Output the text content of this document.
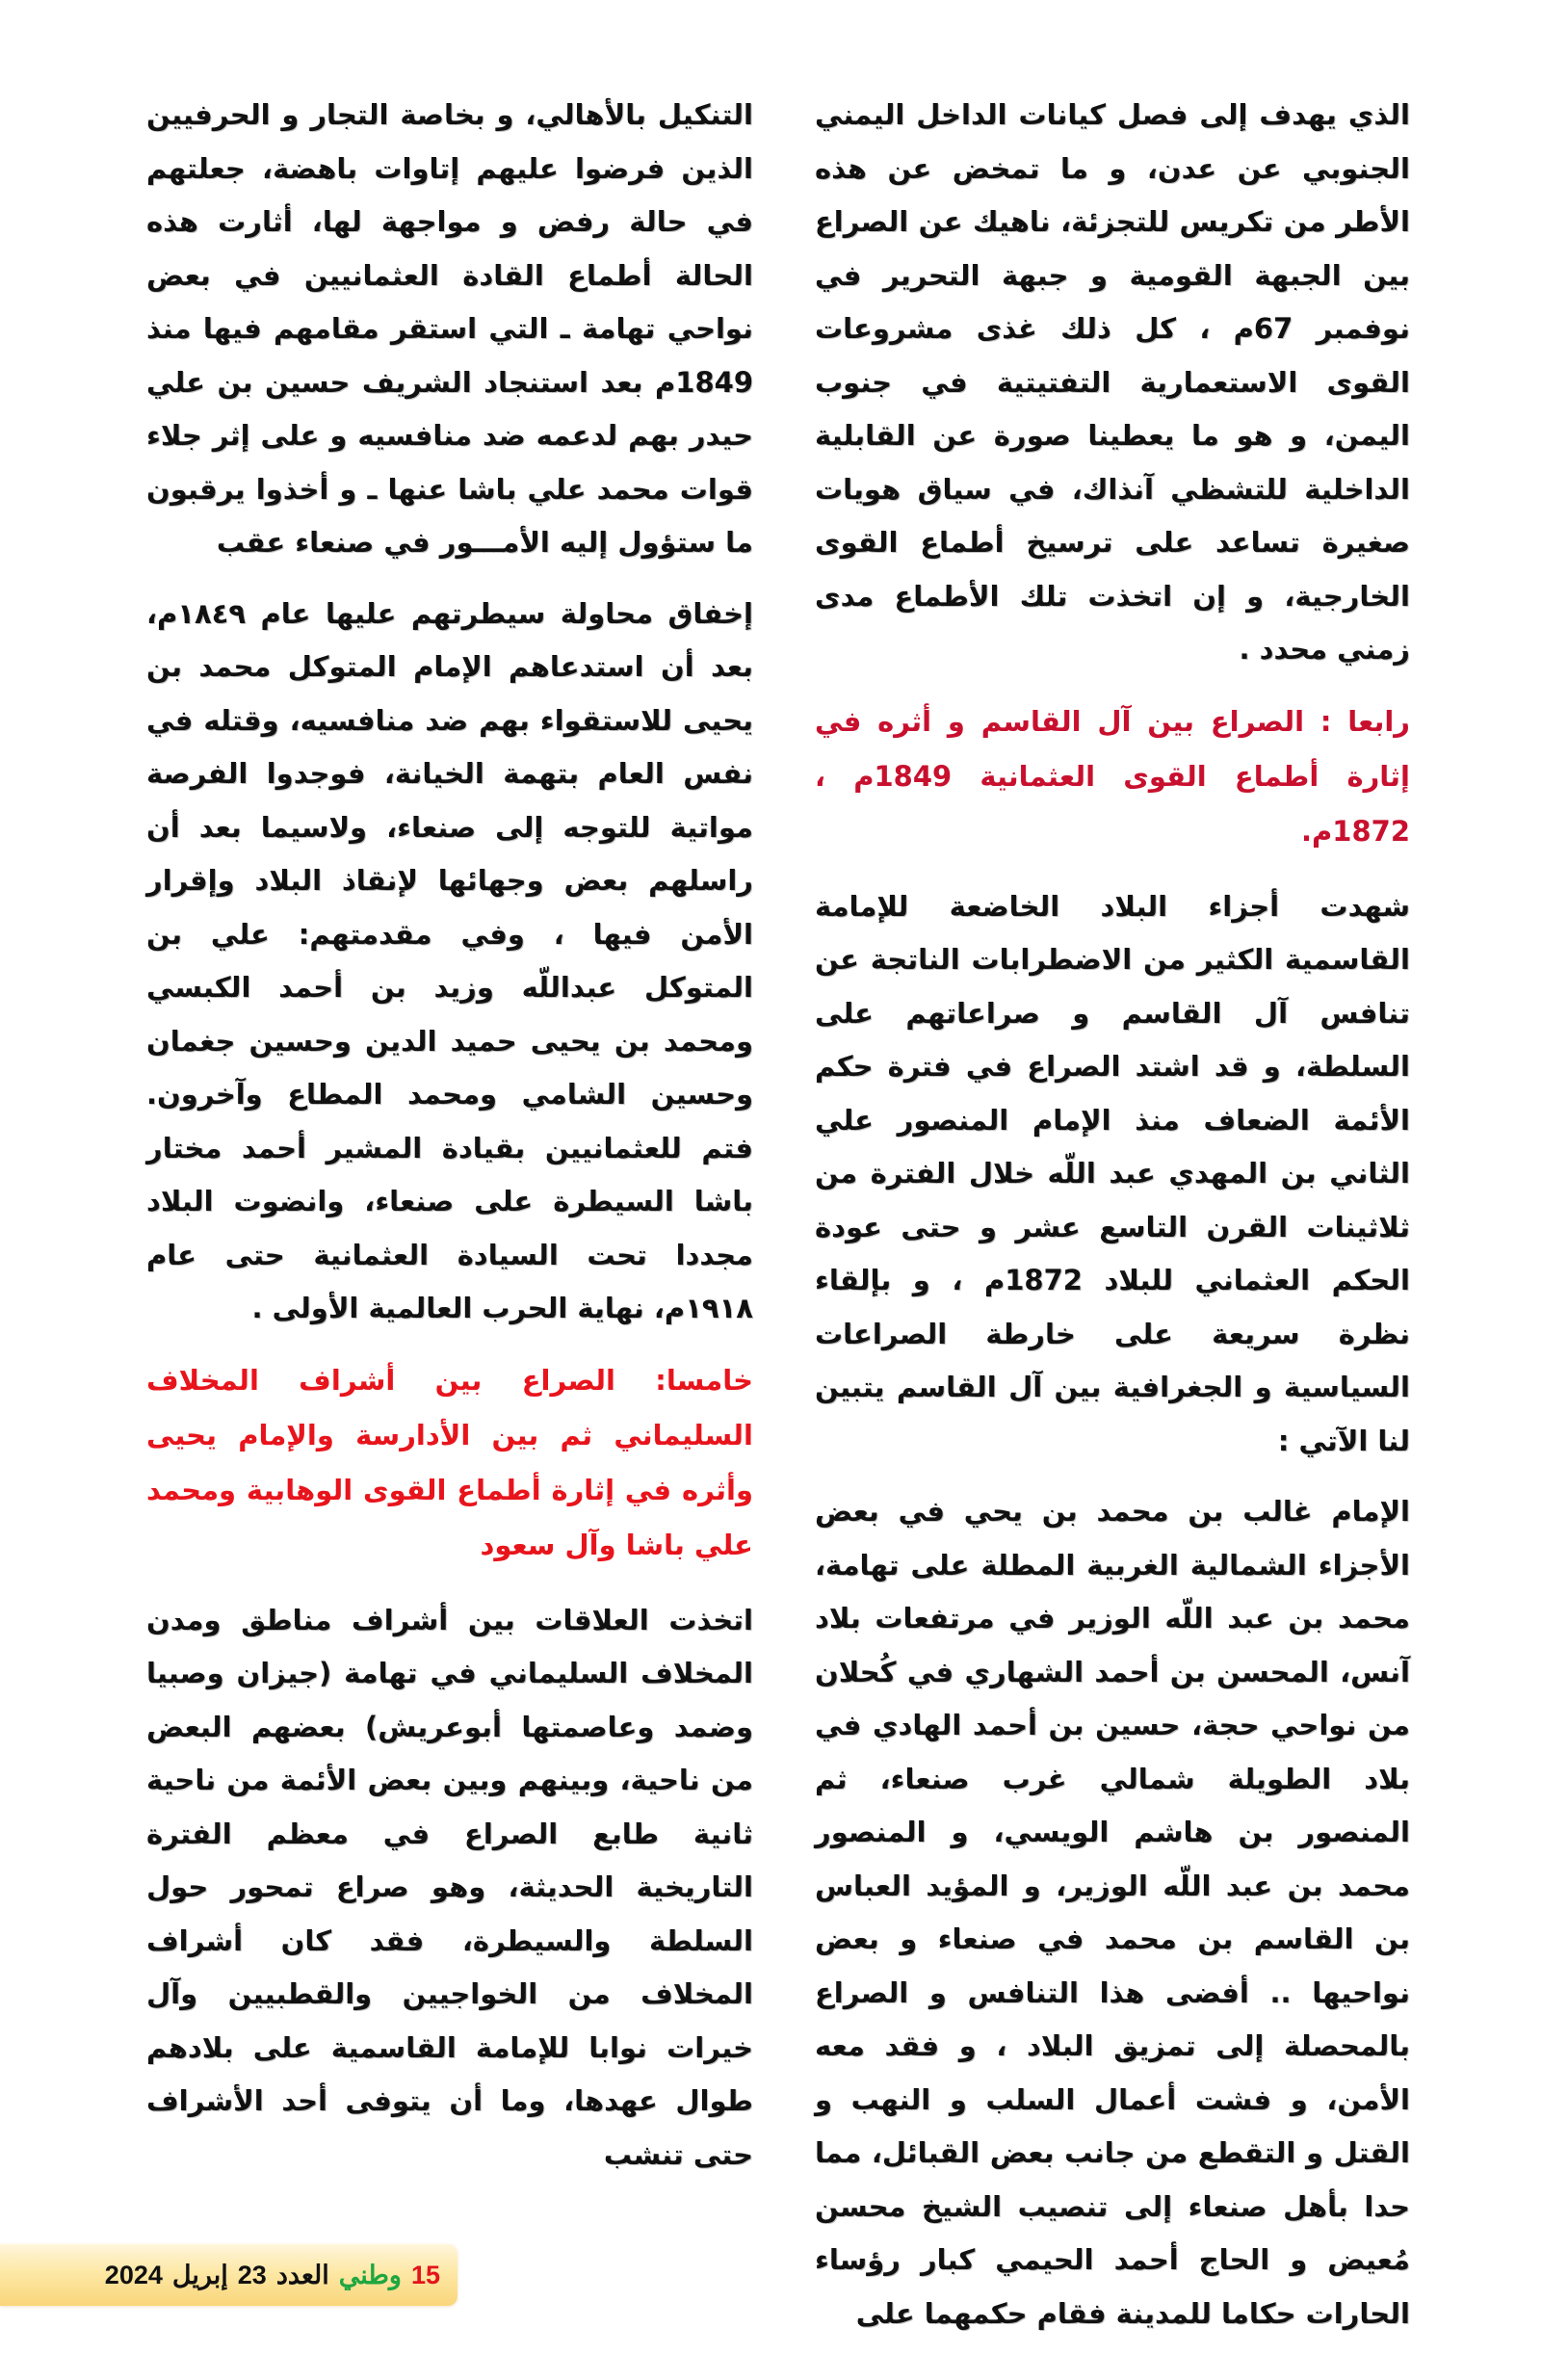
الذي يهدف إلى فصل كيانات الداخل اليمني الجنوبي عن عدن، و ما تمخض عن هذه الأطر من تكريس للتجزئة، ناهيك عن الصراع بين الجبهة القومية و جبهة التحرير في نوفمبر 67م ، كل ذلك غذى مشروعات القوى الاستعمارية التفتيتية في جنوب اليمن، و هو ما يعطينا صورة عن القابلية الداخلية للتشظي آنذاك، في سياق هويات صغيرة تساعد على ترسيخ أطماع القوى الخارجية، و إن اتخذت تلك الأطماع مدى زمني محدد .

رابعا : الصراع بين آل القاسم و أثره في إثارة أطماع القوى العثمانية 1849م ، 1872م.

شهدت أجزاء البلاد الخاضعة للإمامة القاسمية الكثير من الاضطرابات الناتجة عن تنافس آل القاسم و صراعاتهم على السلطة، و قد اشتد الصراع في فترة حكم الأئمة الضعاف منذ الإمام المنصور علي الثاني بن المهدي عبد اللّه خلال الفترة من ثلاثينات القرن التاسع عشر و حتى عودة الحكم العثماني للبلاد 1872م ، و بإلقاء نظرة سريعة على خارطة الصراعات السياسية و الجغرافية بين آل القاسم يتبين لنا الآتي :

الإمام غالب بن محمد بن يحي في بعض الأجزاء الشمالية الغربية المطلة على تهامة، محمد بن عبد اللّه الوزير في مرتفعات بلاد آنس، المحسن بن أحمد الشهاري في كُحلان من نواحي حجة، حسين بن أحمد الهادي في بلاد الطويلة شمالي غرب صنعاء، ثم المنصور بن هاشم الويسي، و المنصور محمد بن عبد اللّه الوزير، و المؤيد العباس بن القاسم بن محمد في صنعاء و بعض نواحيها .. أفضى هذا التنافس و الصراع بالمحصلة إلى تمزيق البلاد ، و فقد معه الأمن، و فشت أعمال السلب و النهب و القتل و التقطع من جانب بعض القبائل، مما حدا بأهل صنعاء إلى تنصيب الشيخ محسن مُعيض و الحاج أحمد الحيمي كبار رؤساء الحارات حكاما للمدينة فقام حكمهما على

التنكيل بالأهالي، و بخاصة التجار و الحرفيين الذين فرضوا عليهم إتاوات باهضة، جعلتهم في حالة رفض و مواجهة لها، أثارت هذه الحالة أطماع القادة العثمانيين في بعض نواحي تهامة ـ التي استقر مقامهم فيها منذ 1849م بعد استنجاد الشريف حسين بن علي حيدر بهم لدعمه ضد منافسيه و على إثر جلاء قوات محمد علي باشا عنها ـ و أخذوا يرقبون ما ستؤول إليه الأمـــور في صنعاء عقب

إخفاق محاولة سيطرتهم عليها عام ١٨٤٩م، بعد أن استدعاهم الإمام المتوكل محمد بن يحيى للاستقواء بهم ضد منافسيه، وقتله في نفس العام بتهمة الخيانة، فوجدوا الفرصة مواتية للتوجه إلى صنعاء، ولاسيما بعد أن راسلهم بعض وجهائها لإنقاذ البلاد وإقرار الأمن فيها ، وفي مقدمتهم: علي بن المتوكل عبداللّه وزيد بن أحمد الكبسي ومحمد بن يحيى حميد الدين وحسين جغمان وحسين الشامي ومحمد المطاع وآخرون. فتم للعثمانيين بقيادة المشير أحمد مختار باشا السيطرة على صنعاء، وانضوت البلاد مجددا تحت السيادة العثمانية حتى عام ١٩١٨م، نهاية الحرب العالمية الأولى .

خامسا: الصراع بين أشراف المخلاف السليماني ثم بين الأدارسة والإمام يحيى وأثره في إثارة أطماع القوى الوهابية ومحمد علي باشا وآل سعود

اتخذت العلاقات بين أشراف مناطق ومدن المخلاف السليماني في تهامة (جيزان وصبيا وضمد وعاصمتها أبوعريش) بعضهم البعض من ناحية، وبينهم وبين بعض الأئمة من ناحية ثانية طابع الصراع في معظم الفترة التاريخية الحديثة، وهو صراع تمحور حول السلطة والسيطرة، فقد كان أشراف المخلاف من الخواجيين والقطبيين وآل خيرات نوابا للإمامة القاسمية على بلادهم طوال عهدها، وما أن يتوفى أحد الأشراف حتى تنشب

15
وطني
العدد
23
إبريل
2024
